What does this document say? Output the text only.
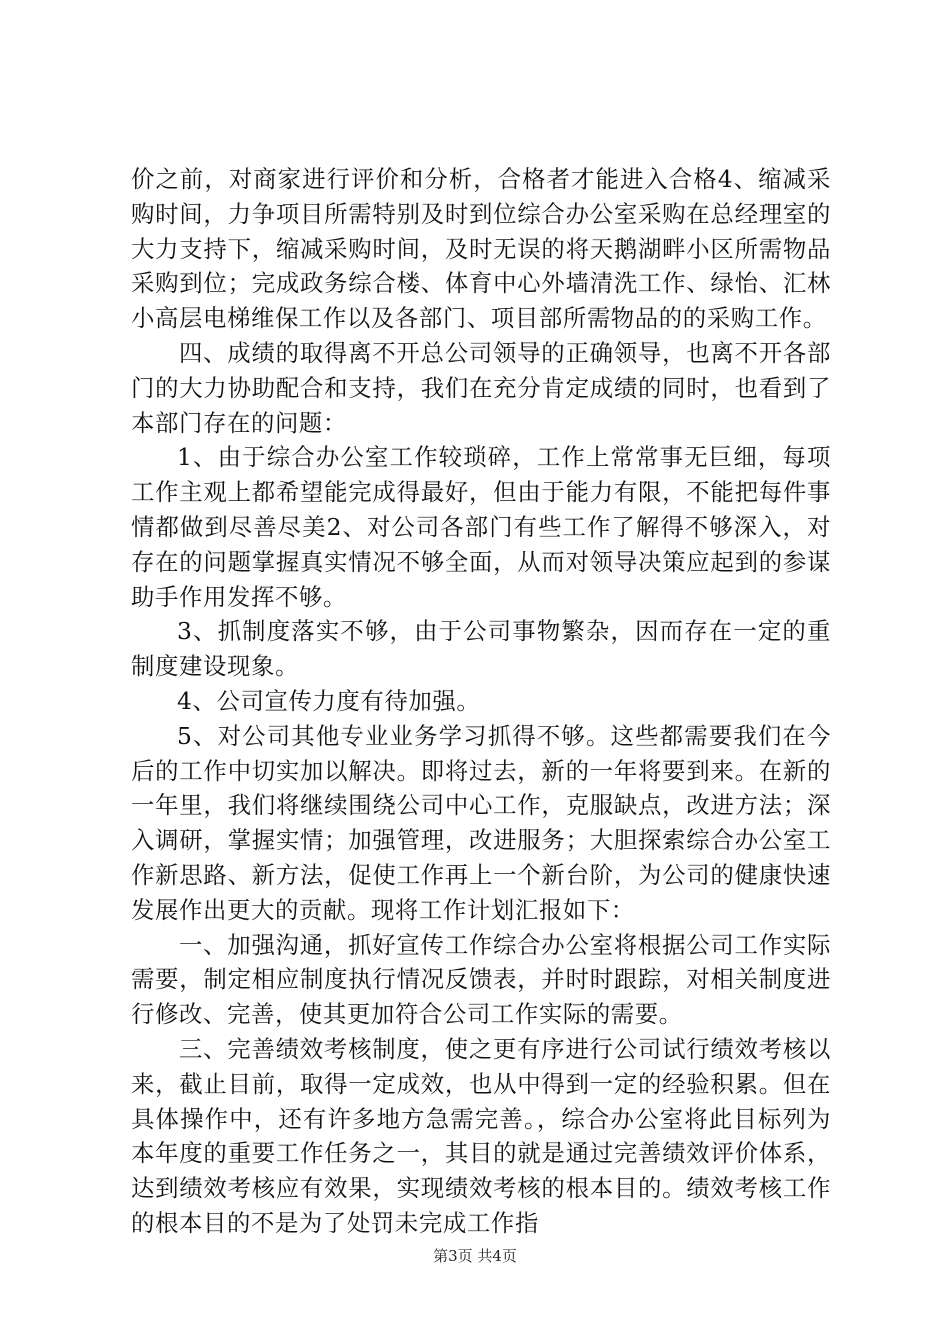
价之前，对商家进行评价和分析，合格者才能进入合格4、缩减采购时间，力争项目所需特别及时到位综合办公室采购在总经理室的大力支持下，缩减采购时间，及时无误的将天鹅湖畔小区所需物品采购到位；完成政务综合楼、体育中心外墙清洗工作、绿怡、汇林小高层电梯维保工作以及各部门、项目部所需物品的的采购工作。

四、成绩的取得离不开总公司领导的正确领导，也离不开各部门的大力协助配合和支持，我们在充分肯定成绩的同时，也看到了本部门存在的问题：

1、由于综合办公室工作较琐碎，工作上常常事无巨细，每项工作主观上都希望能完成得最好，但由于能力有限，不能把每件事情都做到尽善尽美2、对公司各部门有些工作了解得不够深入，对存在的问题掌握真实情况不够全面，从而对领导决策应起到的参谋助手作用发挥不够。

3、抓制度落实不够，由于公司事物繁杂，因而存在一定的重制度建设现象。

4、公司宣传力度有待加强。

5、对公司其他专业业务学习抓得不够。这些都需要我们在今后的工作中切实加以解决。即将过去，新的一年将要到来。在新的一年里，我们将继续围绕公司中心工作，克服缺点，改进方法；深入调研，掌握实情；加强管理，改进服务；大胆探索综合办公室工作新思路、新方法，促使工作再上一个新台阶，为公司的健康快速发展作出更大的贡献。现将工作计划汇报如下：

一、加强沟通，抓好宣传工作综合办公室将根据公司工作实际需要，制定相应制度执行情况反馈表，并时时跟踪，对相关制度进行修改、完善，使其更加符合公司工作实际的需要。

三、完善绩效考核制度，使之更有序进行公司试行绩效考核以来，截止目前，取得一定成效，也从中得到一定的经验积累。但在具体操作中，还有许多地方急需完善。，综合办公室将此目标列为本年度的重要工作任务之一，其目的就是通过完善绩效评价体系，达到绩效考核应有效果，实现绩效考核的根本目的。绩效考核工作的根本目的不是为了处罚未完成工作指

第3页 共4页
